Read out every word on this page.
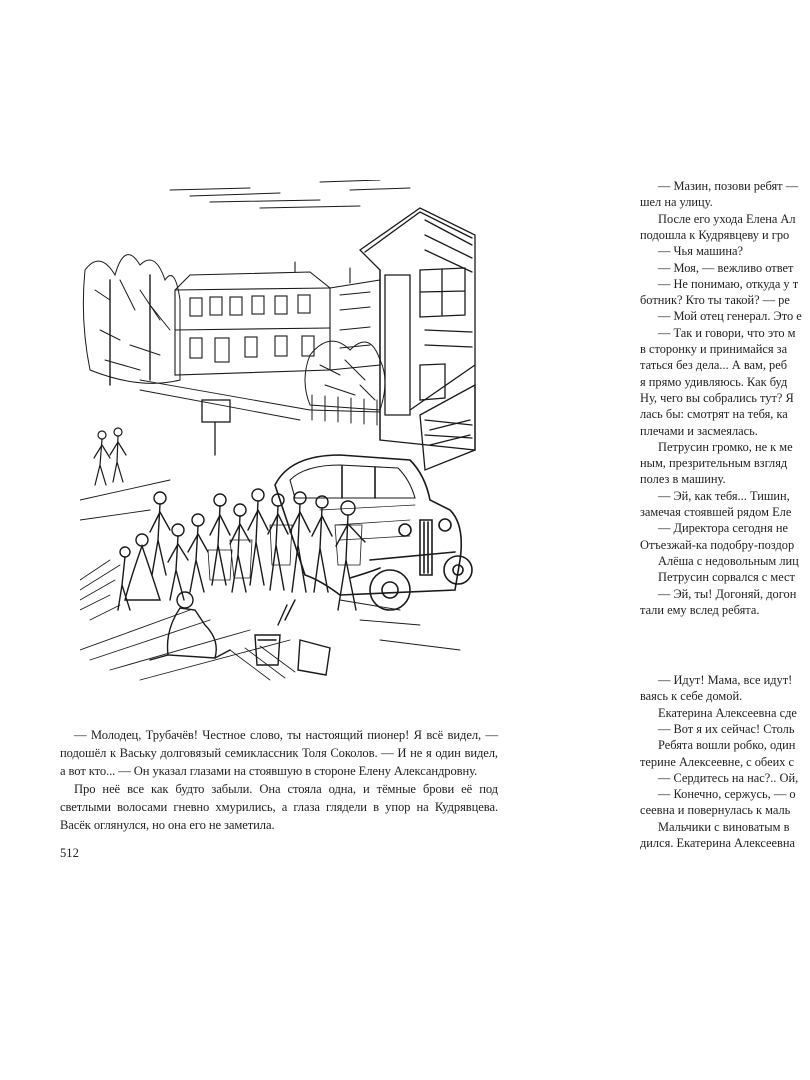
— Молодец, Трубачёв! Честное слово, ты настоящий пионер! Я всё видел, — подошёл к Ваську долговязый семиклассник Толя Соколов. — И не я один видел, а вот кто... — Он указал глазами на стоявшую в стороне Елену Александровну.

Про неё все как будто забыли. Она стояла одна, и тёмные брови её под светлыми волосами гневно хмурились, а глаза глядели в упор на Кудрявцева. Васёк оглянулся, но она его не заметила.

512
— Мазин, позови ребят —
шел на улицу.
После его ухода Елена Ал
подошла к Кудрявцеву и гро
— Чья машина?
— Моя, — вежливо ответ
— Не понимаю, откуда у т
ботник? Кто ты такой? — ре
— Мой отец генерал. Это е
— Так и говори, что это м
в сторонку и принимайся за
таться без дела... А вам, реб
я прямо удивляюсь. Как буд
Ну, чего вы собрались тут? Я
лась бы: смотрят на тебя, ка
плечами и засмеялась.
Петрусин громко, не к ме
ным, презрительным взгляд
полез в машину.
— Эй, как тебя... Тишин,
замечая стоявшей рядом Еле
— Директора сегодня не
Отъезжай-ка подобру-поздор
Алёша с недовольным лиц
Петрусин сорвался с мест
— Эй, ты! Догоняй, догон
тали ему вслед ребята.
— Идут! Мама, все идут!
ваясь к себе домой.
Екатерина Алексеевна сде
— Вот я их сейчас! Столь
Ребята вошли робко, один
терине Алексеевне, с обеих с
— Сердитесь на нас?.. Ой,
— Конечно, сержусь, — о
сеевна и повернулась к маль
Мальчики с виноватым в
дился. Екатерина Алексеевна
